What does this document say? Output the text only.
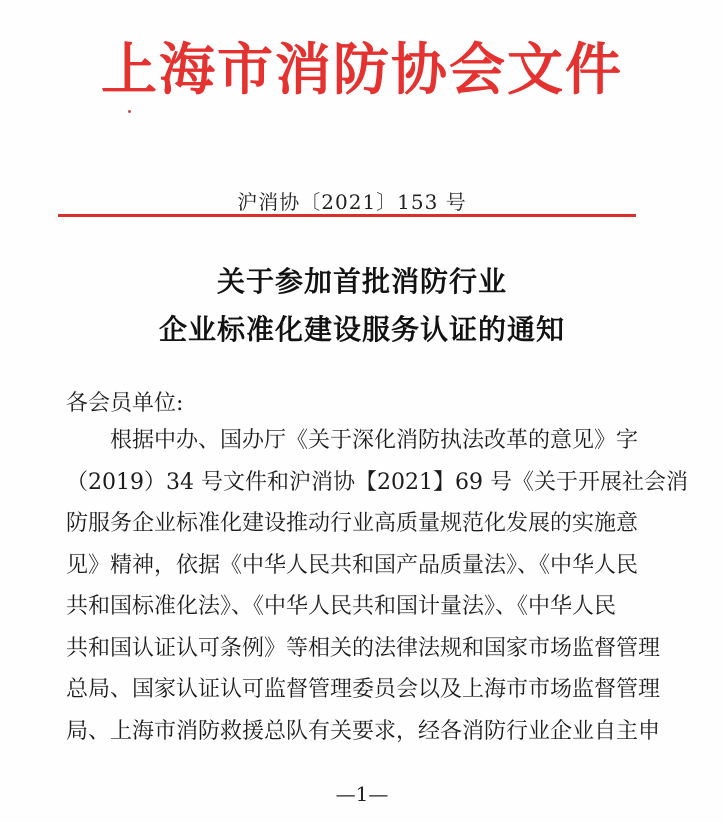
上海市消防协会文件
沪消协〔2021〕153 号
关于参加首批消防行业
企业标准化建设服务认证的通知
各会员单位:
根据中办、国办厅《关于深化消防执法改革的意见》字
（2019）34 号文件和沪消协【2021】69 号《关于开展社会消
防服务企业标准化建设推动行业高质量规范化发展的实施意
见》精神，依据《中华人民共和国产品质量法》、《中华人民
共和国标准化法》、《中华人民共和国计量法》、《中华人民
共和国认证认可条例》等相关的法律法规和国家市场监督管理
总局、国家认证认可监督管理委员会以及上海市市场监督管理
局、上海市消防救援总队有关要求，经各消防行业企业自主申
—1—
